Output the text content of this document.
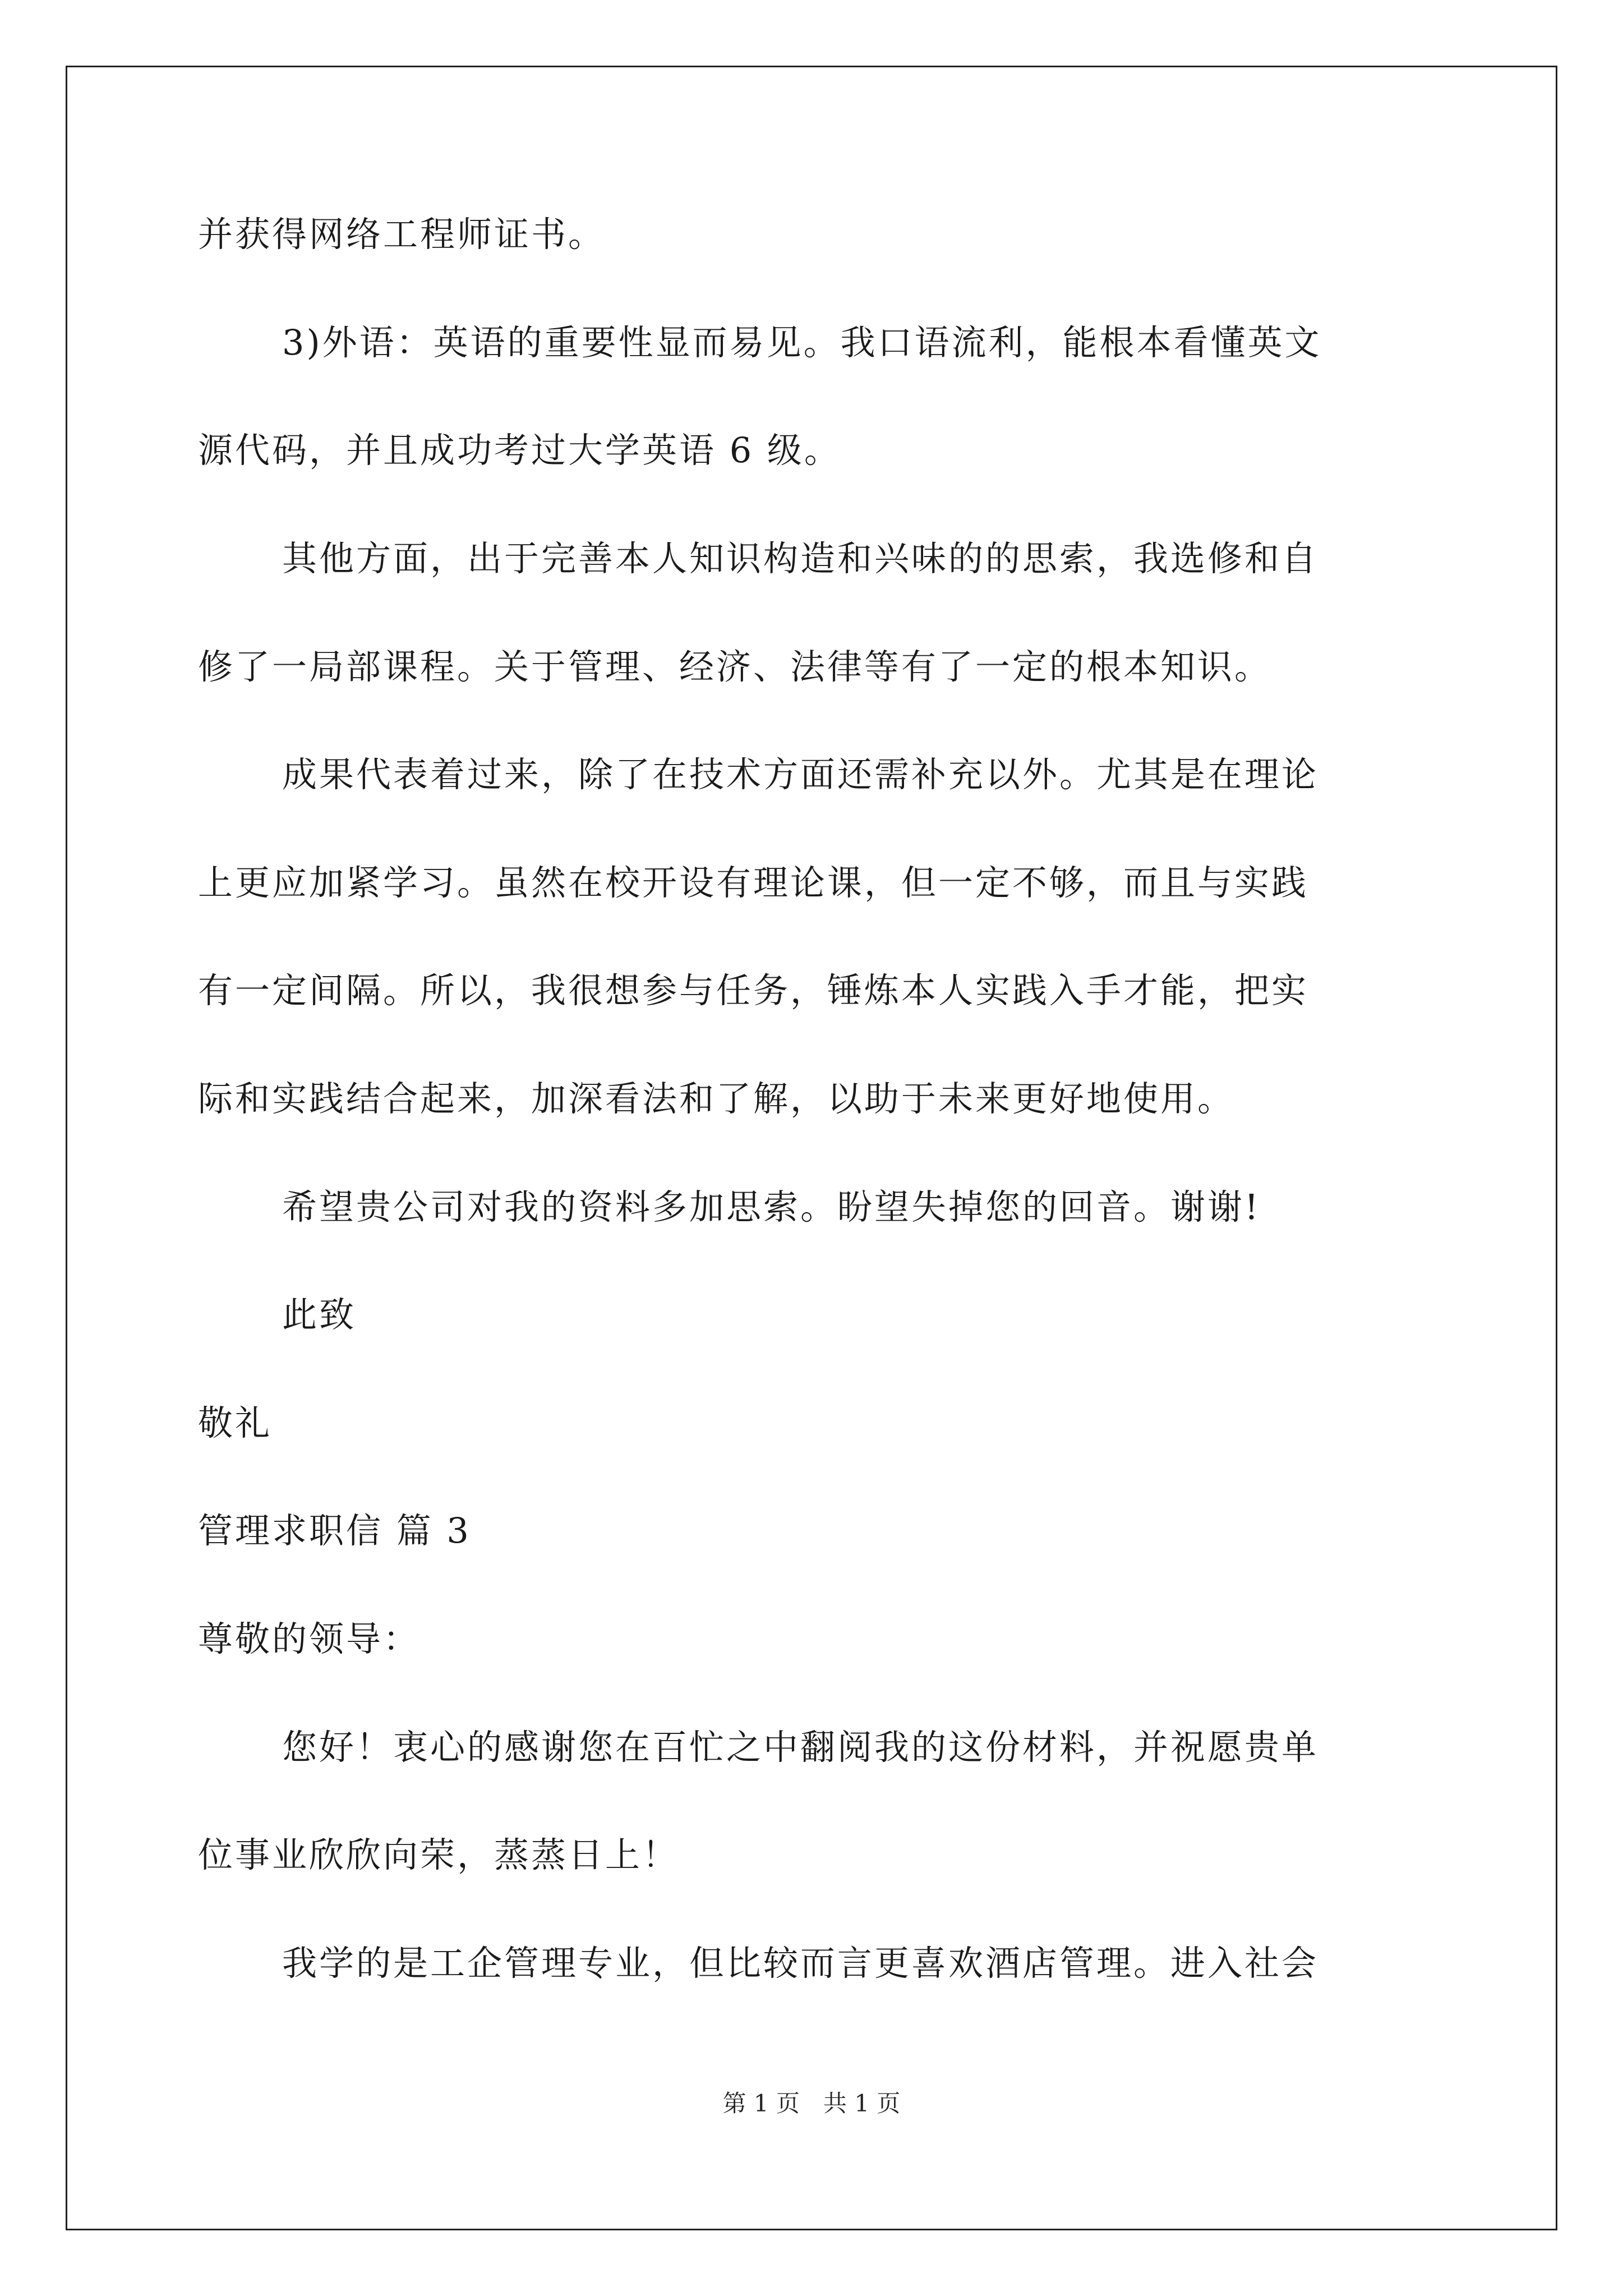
并获得网络工程师证书。
3)外语：英语的重要性显而易见。我口语流利，能根本看懂英文
源代码，并且成功考过大学英语 6 级。
其他方面，出于完善本人知识构造和兴味的的思索，我选修和自
修了一局部课程。关于管理、经济、法律等有了一定的根本知识。
成果代表着过来，除了在技术方面还需补充以外。尤其是在理论
上更应加紧学习。虽然在校开设有理论课，但一定不够，而且与实践
有一定间隔。所以，我很想参与任务，锤炼本人实践入手才能，把实
际和实践结合起来，加深看法和了解，以助于未来更好地使用。
希望贵公司对我的资料多加思索。盼望失掉您的回音。谢谢!
此致
敬礼
管理求职信 篇 3
尊敬的领导：
您好！衷心的感谢您在百忙之中翻阅我的这份材料，并祝愿贵单
位事业欣欣向荣，蒸蒸日上！
我学的是工企管理专业，但比较而言更喜欢酒店管理。进入社会
第 1 页　共 1 页
